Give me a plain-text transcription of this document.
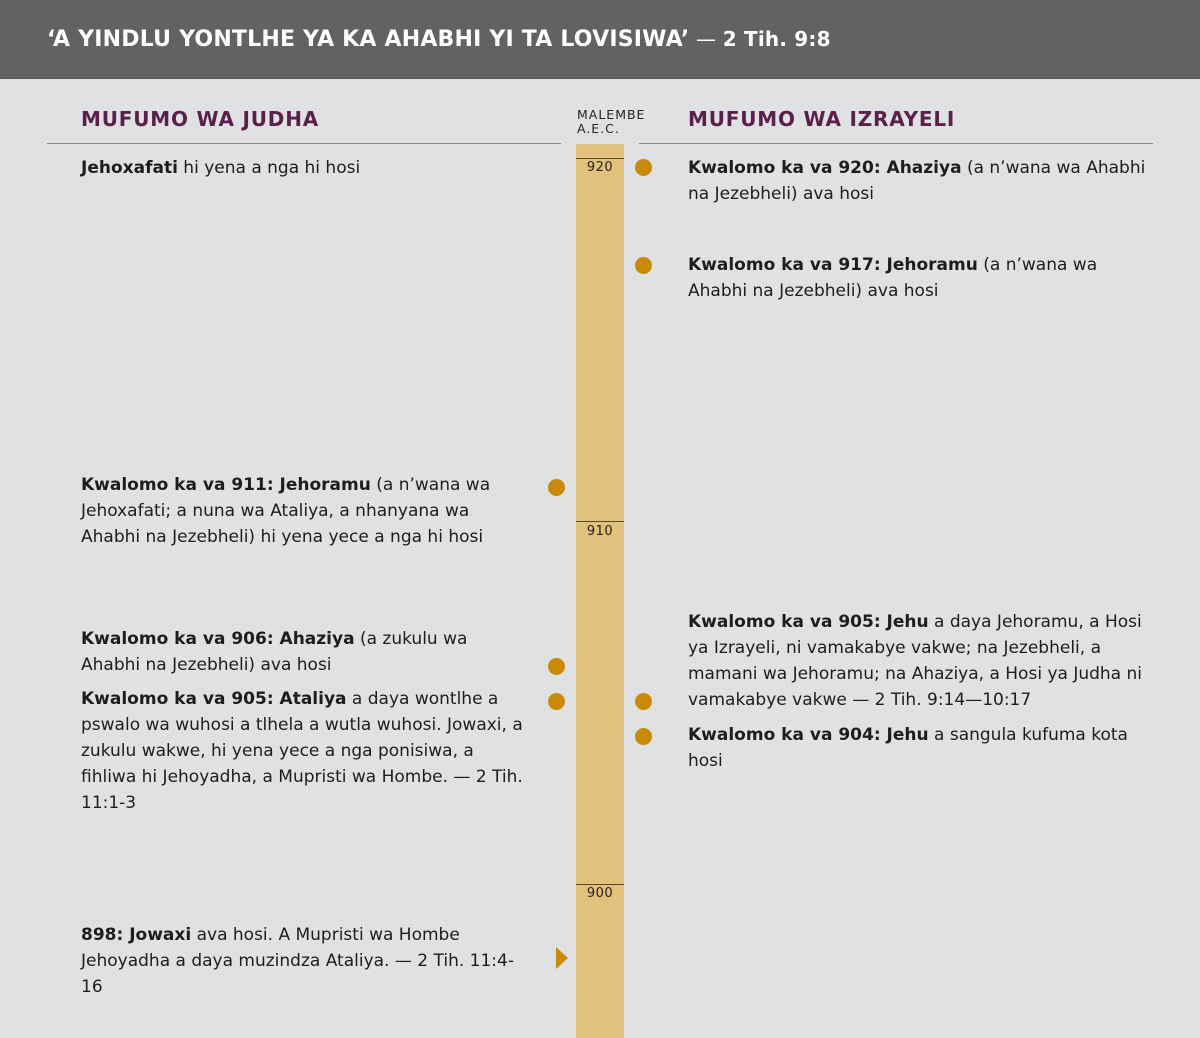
‘A YINDLU YONTLHE YA KA AHABHI YI TA LOVISIWA’ — 2 Tih. 9:8
MUFUMO WA JUDHA	MUFUMO WA IZRAYELI
MALEMBE
A.E.C.
920
910
900
Jehoxafati hi yena a nga hi hosi
Kwalomo ka va 911: Jehoramu (a n’wana wa Jehoxafati; a nuna wa Ataliya, a nhanyana wa Ahabhi na Jezebheli) hi yena yece a nga hi hosi
Kwalomo ka va 906: Ahaziya (a zukulu wa Ahabhi na Jezebheli) ava hosi
Kwalomo ka va 905: Ataliya a daya wontlhe a pswalo wa wuhosi a tlhela a wutla wuhosi. Jowaxi, a zukulu wakwe, hi yena yece a nga ponisiwa, a fihliwa hi Jehoyadha, a Mupristi wa Hombe. — 2 Tih. 11:1-3
898: Jowaxi ava hosi. A Mupristi wa Hombe Jehoyadha a daya muzindza Ataliya. — 2 Tih. 11:4-16
Kwalomo ka va 920: Ahaziya (a n’wana wa Ahabhi na Jezebheli) ava hosi
Kwalomo ka va 917: Jehoramu (a n’wana wa Ahabhi na Jezebheli) ava hosi
Kwalomo ka va 905: Jehu a daya Jehoramu, a Hosi ya Izrayeli, ni vamakabye vakwe; na Jezebheli, a mamani wa Jehoramu; na Ahaziya, a Hosi ya Judha ni vamakabye vakwe — 2 Tih. 9:14—10:17
Kwalomo ka va 904: Jehu a sangula kufuma kota hosi
